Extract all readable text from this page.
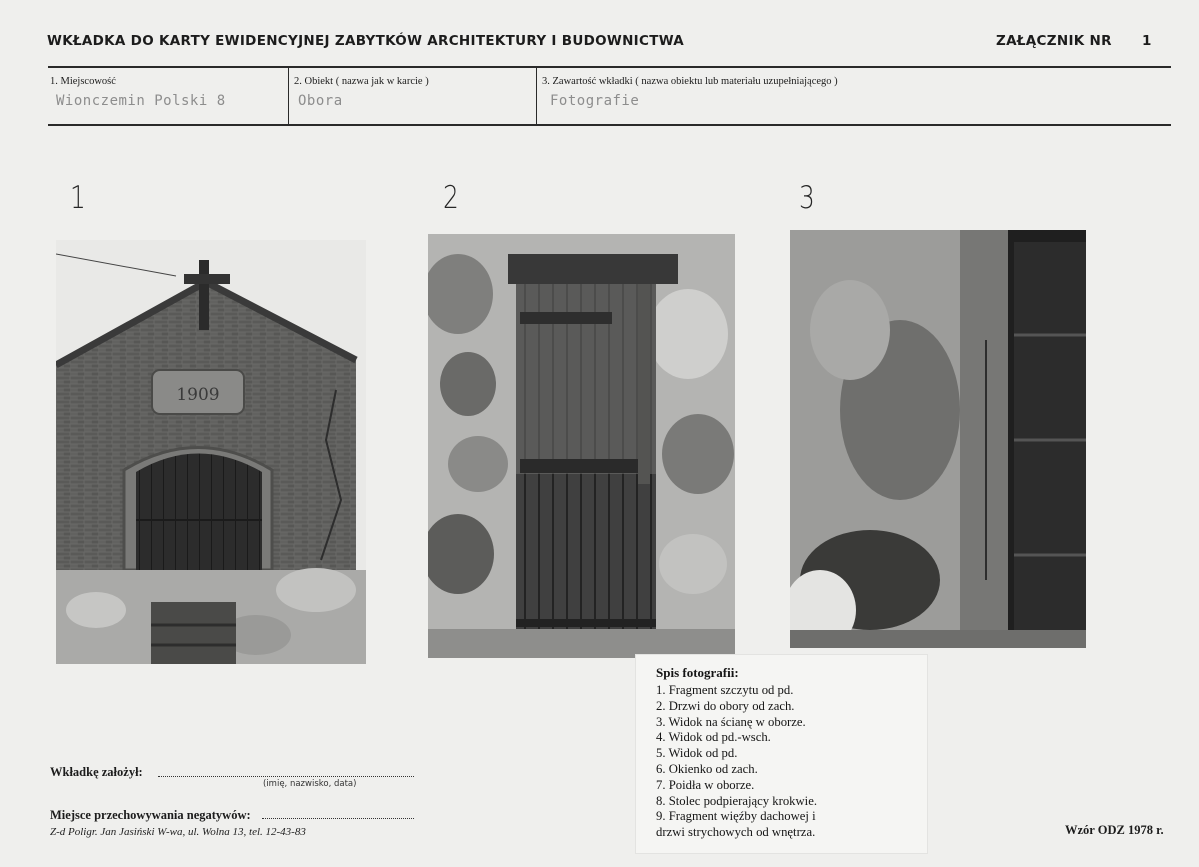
WKŁADKA DO KARTY EWIDENCYJNEJ ZABYTKÓW ARCHITEKTURY I BUDOWNICTWA	ZAŁĄCZNIK NR 1
1. Miejscowość
Wionczemin Polski 8
2. Obiekt ( nazwa jak w karcie )
Obora
3. Zawartość wkładki ( nazwa obiektu lub materiału uzupełniającego )
Fotografie
1	2	3
1909
Spis fotografii:
1. Fragment szczytu od pd.
2. Drzwi do obory od zach.
3. Widok na ścianę w oborze.
4. Widok od pd.-wsch.
5. Widok od pd.
6. Okienko od zach.
7. Poidła w oborze.
8. Stolec podpierający krokwie.
9. Fragment więźby dachowej i
drzwi strychowych od wnętrza.
Wkładkę założył:
(imię, nazwisko, data)
Miejsce przechowywania negatywów:
Z-d Poligr. Jan Jasiński W-wa, ul. Wolna 13, tel. 12-43-83	Wzór ODZ 1978 r.
